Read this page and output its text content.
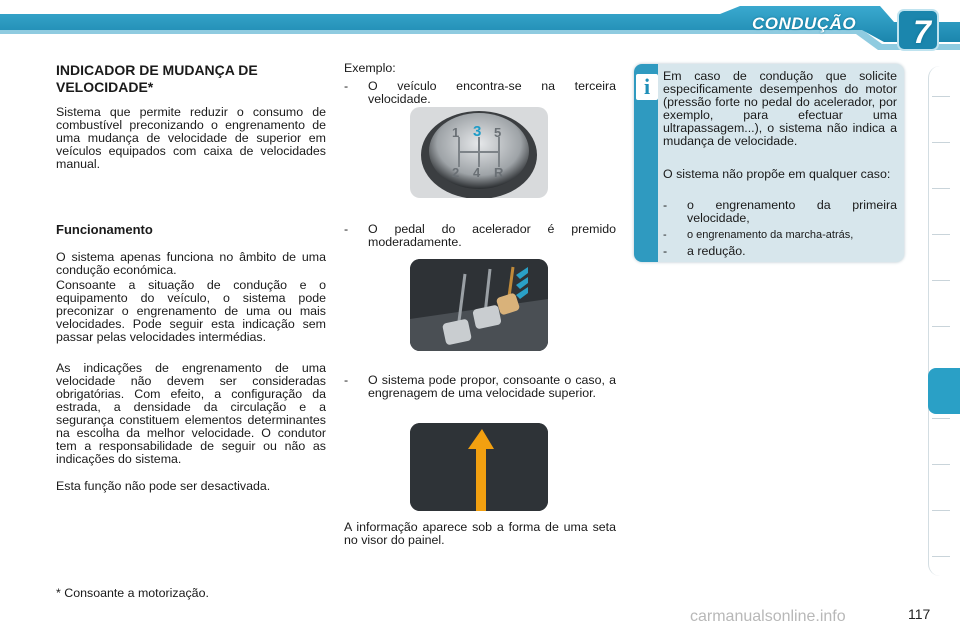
CONDUÇÃO 7
INDICADOR DE MUDANÇA DE VELOCIDADE*

Sistema que permite reduzir o consumo de combustível preconizando o engrenamento de uma mudança de velocidade de superior em veículos equipados com caixa de velocidades manual.

Funcionamento

O sistema apenas funciona no âmbito de uma condução económica.

Consoante a situação de condução e o equipamento do veículo, o sistema pode preconizar o engrenamento de uma ou mais velocidades. Pode seguir esta indicação sem passar pelas velocidades intermédias.

As indicações de engrenamento de uma velocidade não devem ser consideradas obrigatórias. Com efeito, a configuração da estrada, a densidade da circulação e a segurança constituem elementos determinantes na escolha da melhor velocidade. O condutor tem a responsabilidade de seguir ou não as indicações do sistema.

Esta função não pode ser desactivada.

Exemplo:

- O veículo encontra-se na terceira velocidade.

- O pedal do acelerador é premido moderadamente.

- O sistema pode propor, consoante o caso, a engrenagem de uma velocidade superior.

A informação aparece sob a forma de uma seta no visor do painel.

1 3 5
2 4 R
i	Em caso de condução que solicite especificamente desempenhos do motor (pressão forte no pedal do acelerador, por exemplo, para efectuar uma ultrapassagem...), o sistema não indica a mudança de velocidade.

O sistema não propõe em qualquer caso:

- o engrenamento da primeira velocidade,

- o engrenamento da marcha-atrás,

- a redução.

* Consoante a motorização.
carmanualsonline.info	117
